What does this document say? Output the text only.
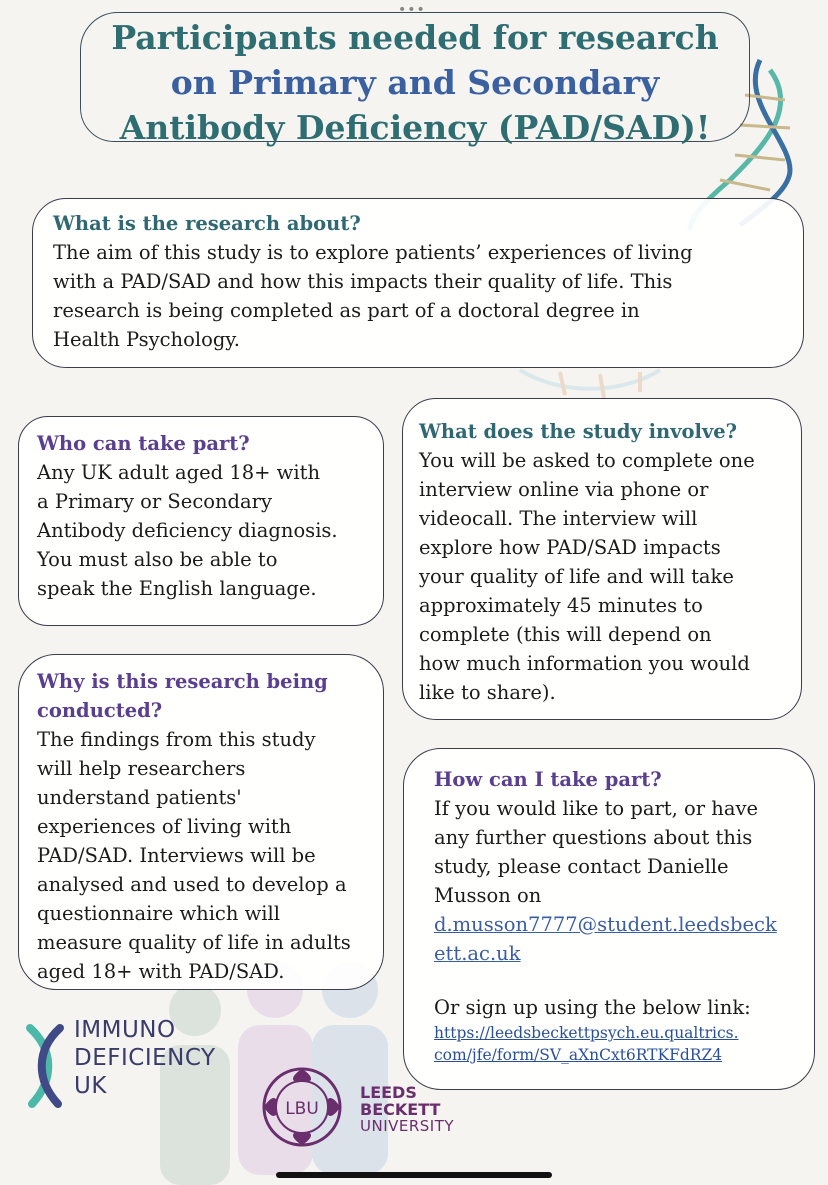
•••
Participants needed for research
on Primary and Secondary
Antibody Deficiency (PAD/SAD)!
What is the research about?

The aim of this study is to explore patients’ experiences of living

with a PAD/SAD and how this impacts their quality of life. This

research is being completed as part of a doctoral degree in

Health Psychology.

Who can take part?

Any UK adult aged 18+ with

a Primary or Secondary

Antibody deficiency diagnosis.

You must also be able to

speak the English language.

What does the study involve?

You will be asked to complete one

interview online via phone or

videocall. The interview will

explore how PAD/SAD impacts

your quality of life and will take

approximately 45 minutes to

complete (this will depend on

how much information you would

like to share).

Why is this research being
conducted?

The findings from this study

will help researchers

understand patients'

experiences of living with

PAD/SAD. Interviews will be

analysed and used to develop a

questionnaire which will

measure quality of life in adults

aged 18+ with PAD/SAD.

How can I take part?

If you would like to part, or have

any further questions about this

study, please contact Danielle

Musson on

d.musson7777@student.leedsbeck
ett.ac.uk

Or sign up using the below link:

https://leedsbeckettpsych.eu.qualtrics.
com/jfe/form/SV_aXnCxt6RTKFdRZ4
IMMUNO
DEFICIENCY
UK
LBU
LEEDS
BECKETT
UNIVERSITY
